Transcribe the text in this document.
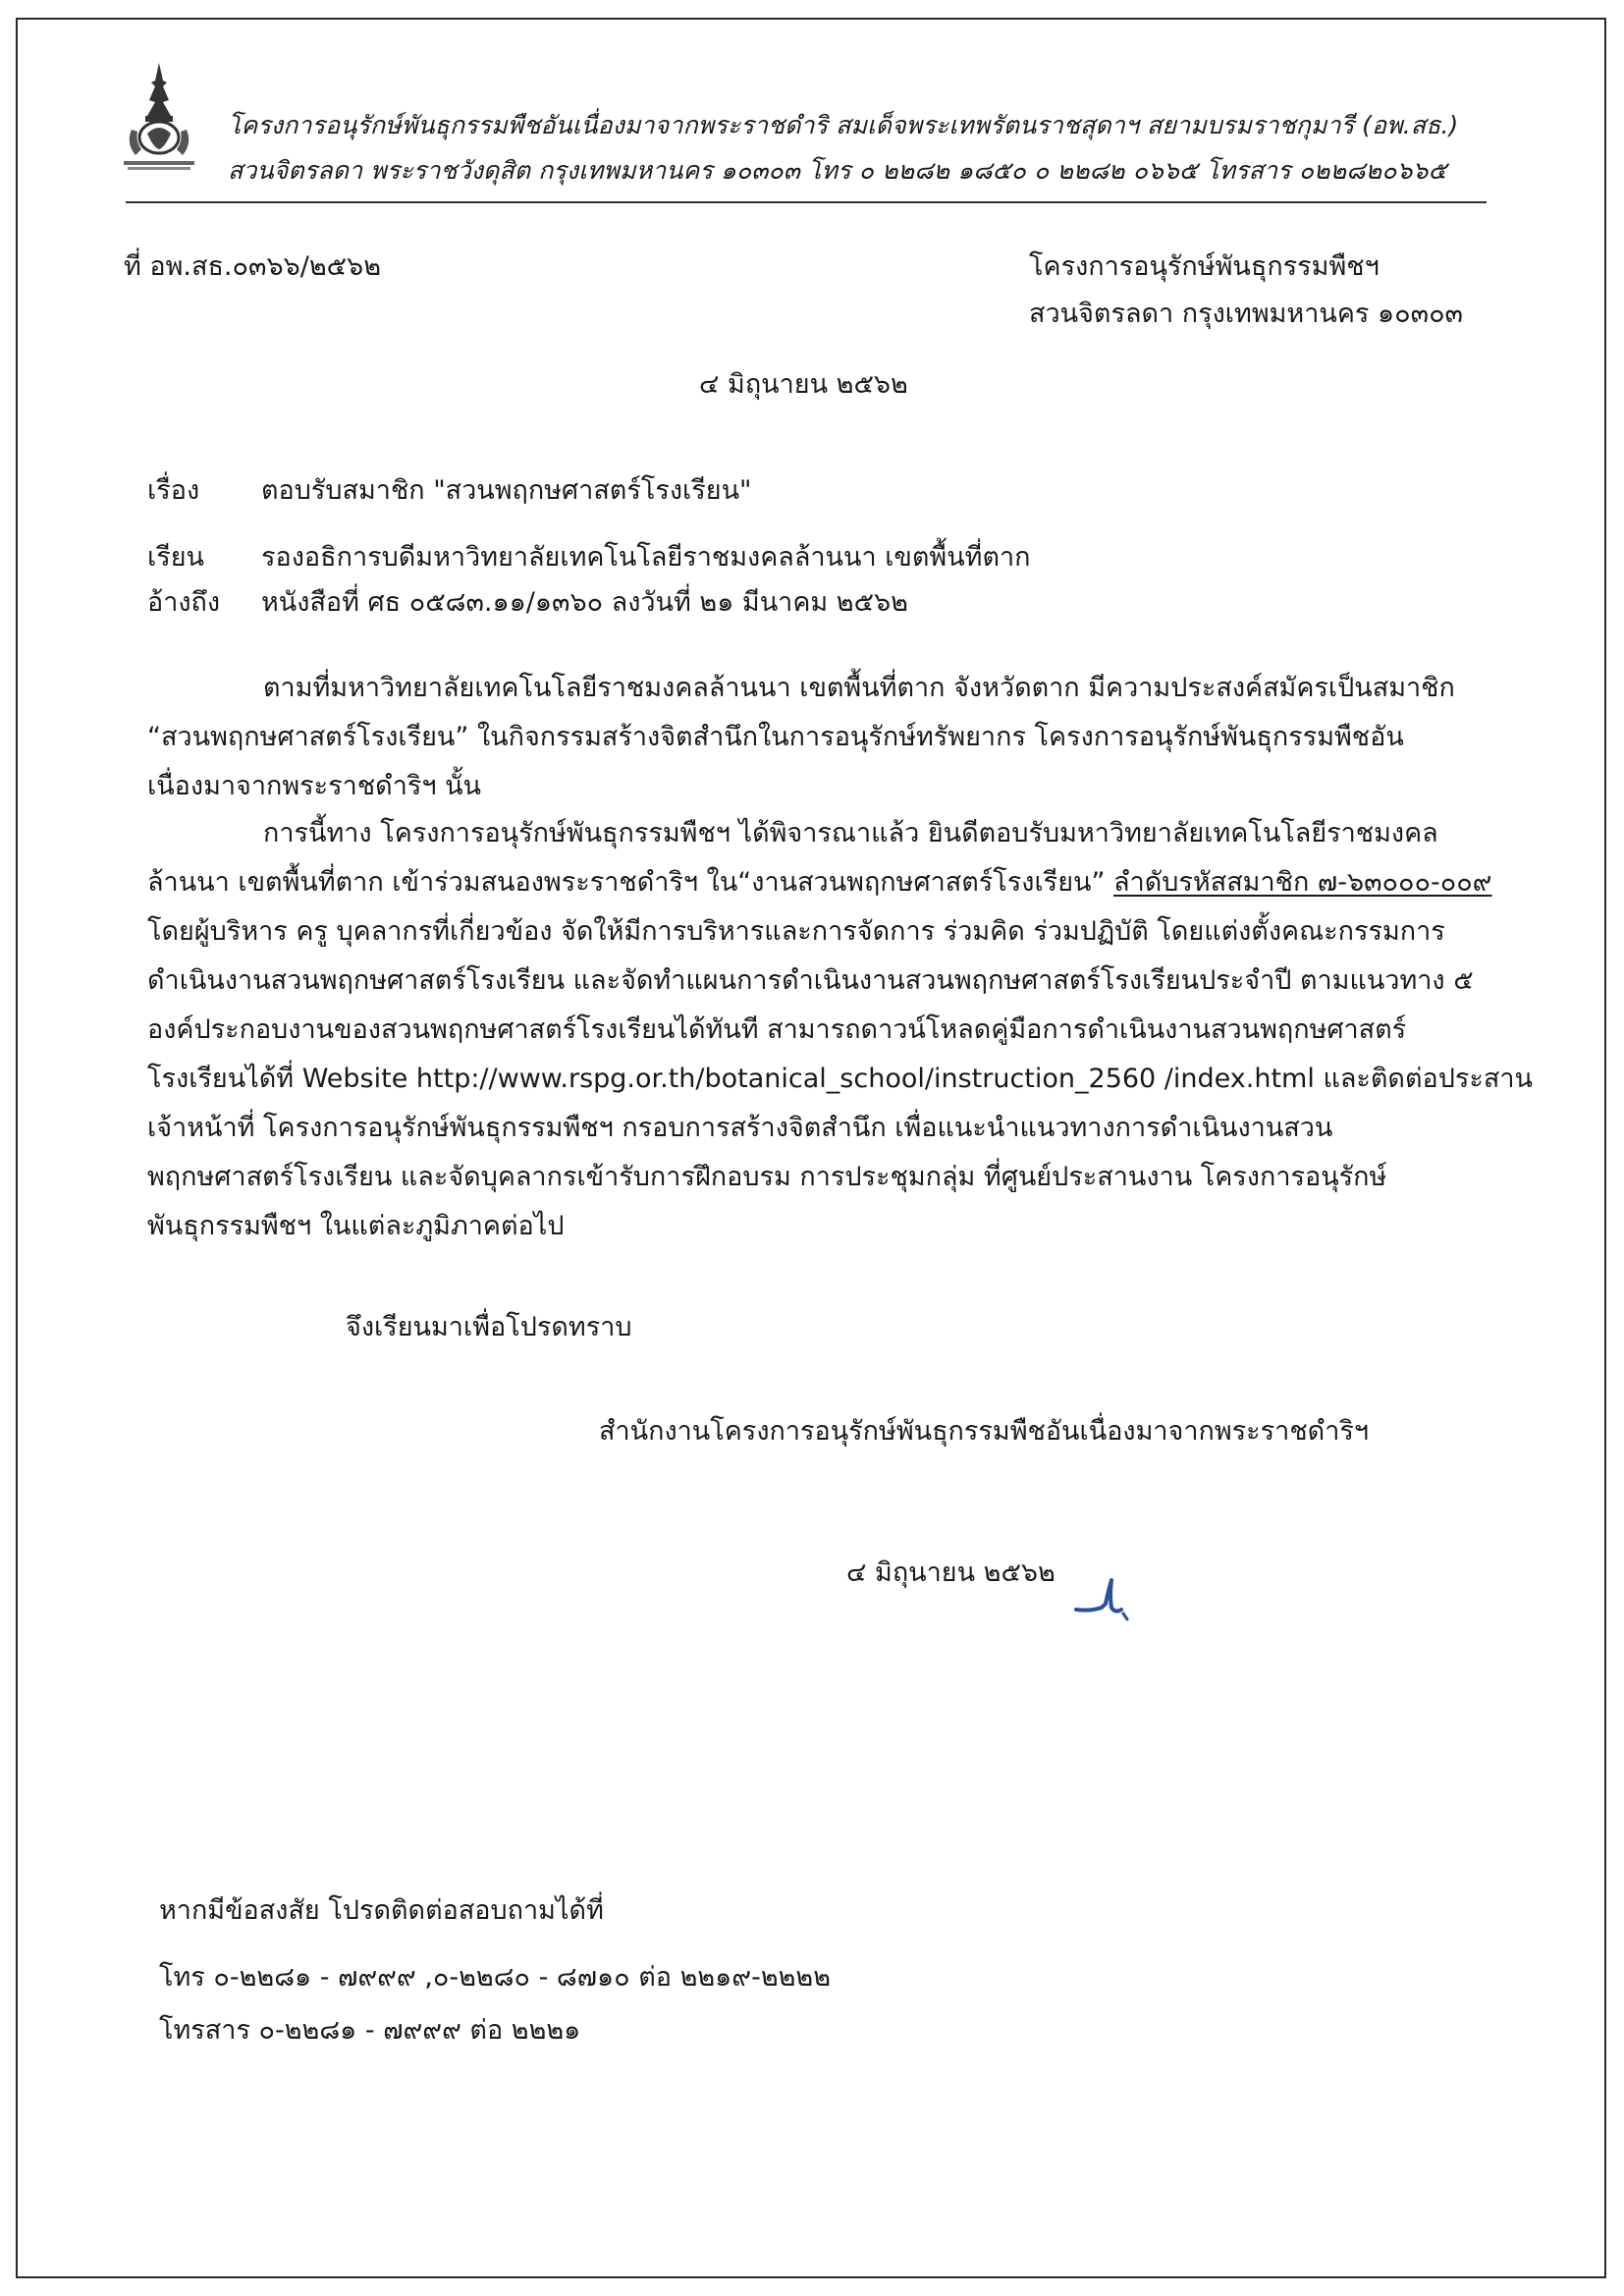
โครงการอนุรักษ์พันธุกรรมพืชอันเนื่องมาจากพระราชดำริ สมเด็จพระเทพรัตนราชสุดาฯ สยามบรมราชกุมารี (อพ.สธ.)
สวนจิตรลดา พระราชวังดุสิต กรุงเทพมหานคร ๑๐๓๐๓ โทร ๐ ๒๒๘๒ ๑๘๕๐ ๐ ๒๒๘๒ ๐๖๖๕ โทรสาร ๐๒๒๘๒๐๖๖๕
ที่ อพ.สธ.๐๓๖๖/๒๕๖๒	โครงการอนุรักษ์พันธุกรรมพืชฯ
สวนจิตรลดา กรุงเทพมหานคร ๑๐๓๐๓
๔ มิถุนายน ๒๕๖๒
เรื่อง ตอบรับสมาชิก "สวนพฤกษศาสตร์โรงเรียน"
เรียน รองอธิการบดีมหาวิทยาลัยเทคโนโลยีราชมงคลล้านนา เขตพื้นที่ตาก
อ้างถึง หนังสือที่ ศธ ๐๕๘๓.๑๑/๑๓๖๐ ลงวันที่ ๒๑ มีนาคม ๒๕๖๒
ตามที่มหาวิทยาลัยเทคโนโลยีราชมงคลล้านนา เขตพื้นที่ตาก จังหวัดตาก มีความประสงค์สมัครเป็นสมาชิก
“สวนพฤกษศาสตร์โรงเรียน” ในกิจกรรมสร้างจิตสำนึกในการอนุรักษ์ทรัพยากร โครงการอนุรักษ์พันธุกรรมพืชอัน
เนื่องมาจากพระราชดำริฯ นั้น
การนี้ทาง โครงการอนุรักษ์พันธุกรรมพืชฯ ได้พิจารณาแล้ว ยินดีตอบรับมหาวิทยาลัยเทคโนโลยีราชมงคล
ล้านนา เขตพื้นที่ตาก เข้าร่วมสนองพระราชดำริฯ ใน“งานสวนพฤกษศาสตร์โรงเรียน” ลำดับรหัสสมาชิก ๗-๖๓๐๐๐-๐๐๙
โดยผู้บริหาร ครู บุคลากรที่เกี่ยวข้อง จัดให้มีการบริหารและการจัดการ ร่วมคิด ร่วมปฏิบัติ โดยแต่งตั้งคณะกรรมการ
ดำเนินงานสวนพฤกษศาสตร์โรงเรียน และจัดทำแผนการดำเนินงานสวนพฤกษศาสตร์โรงเรียนประจำปี ตามแนวทาง ๕
องค์ประกอบงานของสวนพฤกษศาสตร์โรงเรียนได้ทันที สามารถดาวน์โหลดคู่มือการดำเนินงานสวนพฤกษศาสตร์
โรงเรียนได้ที่ Website http://www.rspg.or.th/botanical_school/instruction_2560 /index.html และติดต่อประสาน
เจ้าหน้าที่ โครงการอนุรักษ์พันธุกรรมพืชฯ กรอบการสร้างจิตสำนึก เพื่อแนะนำแนวทางการดำเนินงานสวน
พฤกษศาสตร์โรงเรียน และจัดบุคลากรเข้ารับการฝึกอบรม การประชุมกลุ่ม ที่ศูนย์ประสานงาน โครงการอนุรักษ์
พันธุกรรมพืชฯ ในแต่ละภูมิภาคต่อไป
จึงเรียนมาเพื่อโปรดทราบ
สำนักงานโครงการอนุรักษ์พันธุกรรมพืชอันเนื่องมาจากพระราชดำริฯ
๔ มิถุนายน ๒๕๖๒
หากมีข้อสงสัย โปรดติดต่อสอบถามได้ที่
โทร ๐-๒๒๘๑ - ๗๙๙๙ ,๐-๒๒๘๐ - ๘๗๑๐ ต่อ ๒๒๑๙-๒๒๒๒
โทรสาร ๐-๒๒๘๑ - ๗๙๙๙ ต่อ ๒๒๒๑
